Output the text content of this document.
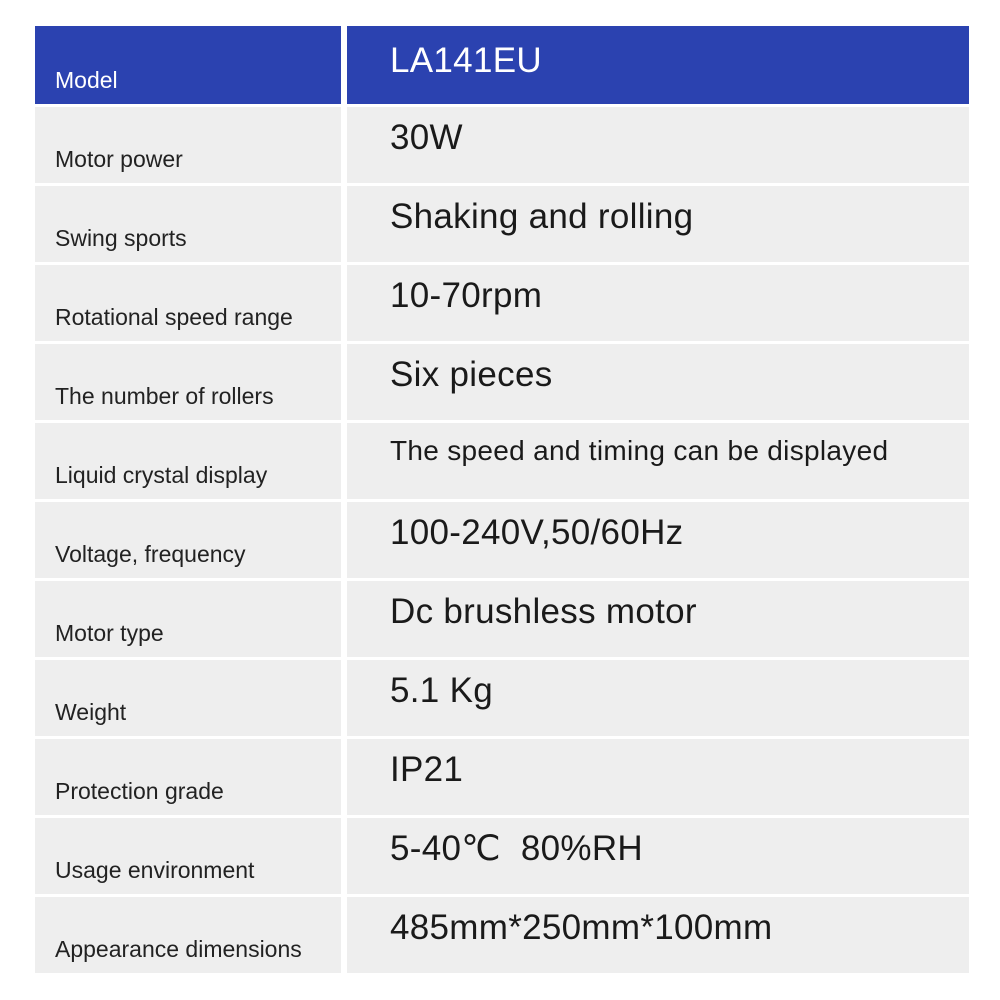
Model	LA141EU
Motor power
30W
Swing sports
Shaking and rolling
Rotational speed range
10-70rpm
The number of rollers
Six pieces
Liquid crystal display
The speed and timing can be displayed
Voltage, frequency
100-240V,50/60Hz
Motor type
Dc brushless motor
Weight
5.1 Kg
Protection grade
IP21
Usage environment
5-40℃  80%RH
Appearance dimensions
485mm*250mm*100mm
